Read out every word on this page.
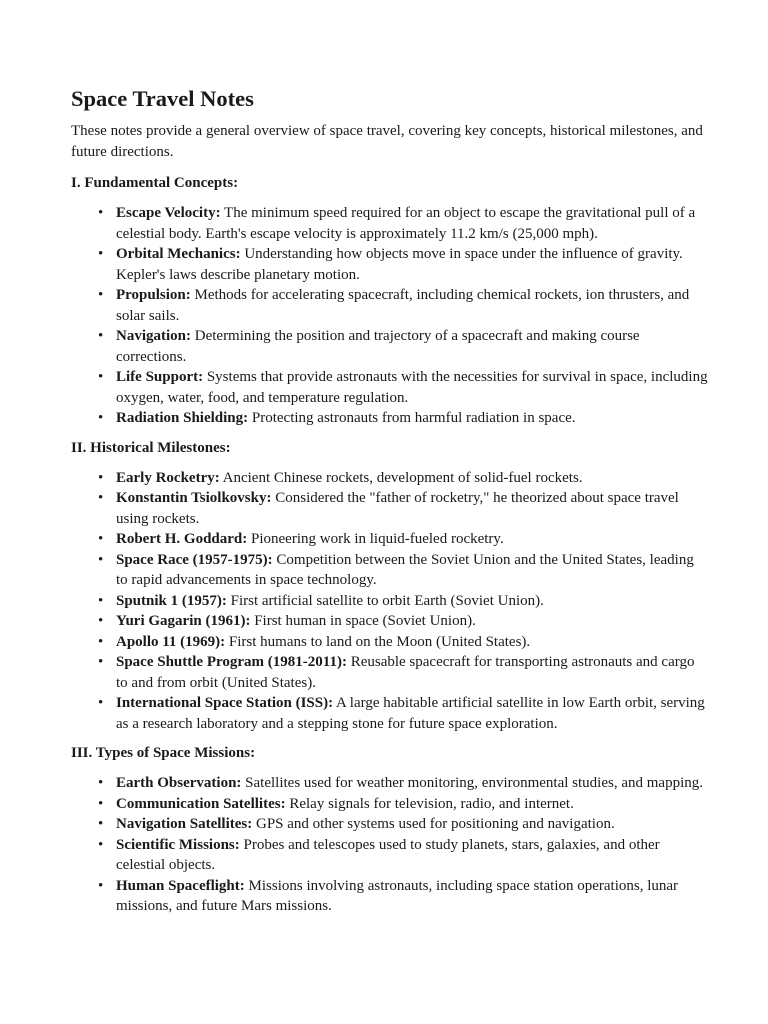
Space Travel Notes

These notes provide a general overview of space travel, covering key concepts, historical milestones, and future directions.

I. Fundamental Concepts:

• Escape Velocity: The minimum speed required for an object to escape the gravitational pull of a celestial body. Earth's escape velocity is approximately 11.2 km/s (25,000 mph).
• Orbital Mechanics: Understanding how objects move in space under the influence of gravity. Kepler's laws describe planetary motion.
• Propulsion: Methods for accelerating spacecraft, including chemical rockets, ion thrusters, and solar sails.
• Navigation: Determining the position and trajectory of a spacecraft and making course corrections.
• Life Support: Systems that provide astronauts with the necessities for survival in space, including oxygen, water, food, and temperature regulation.
• Radiation Shielding: Protecting astronauts from harmful radiation in space.

II. Historical Milestones:

• Early Rocketry: Ancient Chinese rockets, development of solid-fuel rockets.
• Konstantin Tsiolkovsky: Considered the "father of rocketry," he theorized about space travel using rockets.
• Robert H. Goddard: Pioneering work in liquid-fueled rocketry.
• Space Race (1957-1975): Competition between the Soviet Union and the United States, leading to rapid advancements in space technology.
• Sputnik 1 (1957): First artificial satellite to orbit Earth (Soviet Union).
• Yuri Gagarin (1961): First human in space (Soviet Union).
• Apollo 11 (1969): First humans to land on the Moon (United States).
• Space Shuttle Program (1981-2011): Reusable spacecraft for transporting astronauts and cargo to and from orbit (United States).
• International Space Station (ISS): A large habitable artificial satellite in low Earth orbit, serving as a research laboratory and a stepping stone for future space exploration.

III. Types of Space Missions:

• Earth Observation: Satellites used for weather monitoring, environmental studies, and mapping.
• Communication Satellites: Relay signals for television, radio, and internet.
• Navigation Satellites: GPS and other systems used for positioning and navigation.
• Scientific Missions: Probes and telescopes used to study planets, stars, galaxies, and other celestial objects.
• Human Spaceflight: Missions involving astronauts, including space station operations, lunar missions, and future Mars missions.
